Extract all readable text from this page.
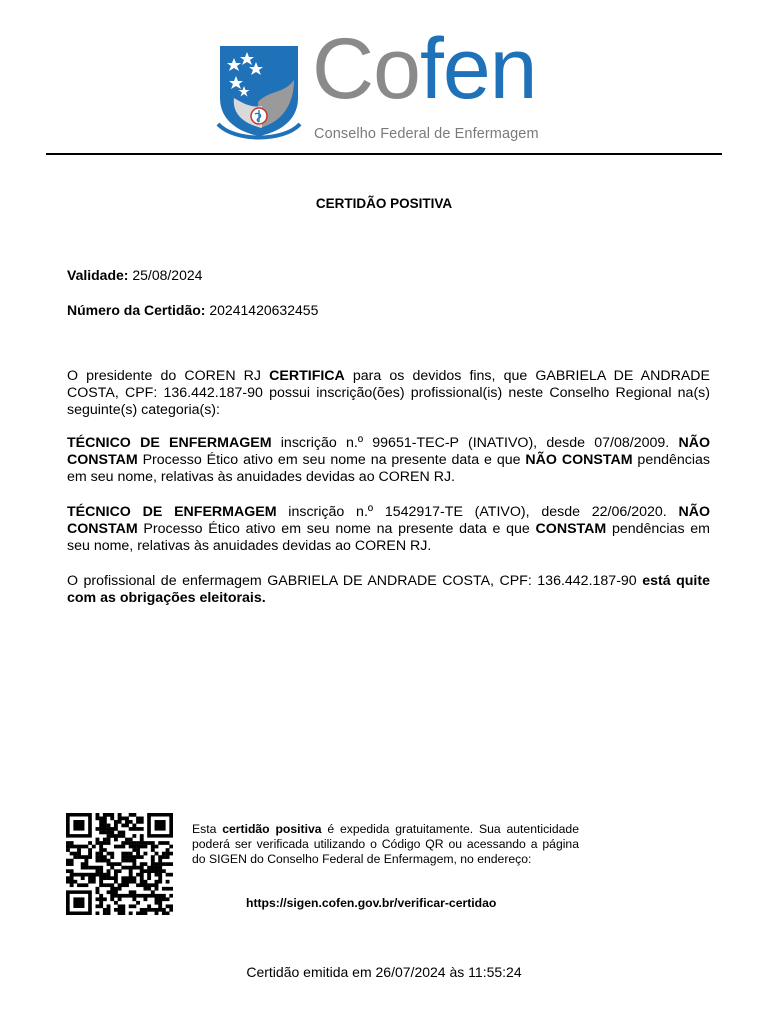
Cofen
Conselho Federal de Enfermagem
CERTIDÃO POSITIVA
Validade: 25/08/2024
Número da Certidão: 20241420632455
O presidente do COREN RJ CERTIFICA para os devidos fins, que GABRIELA DE ANDRADE COSTA, CPF: 136.442.187-90 possui inscrição(ões) profissional(is) neste Conselho Regional na(s) seguinte(s) categoria(s):
TÉCNICO DE ENFERMAGEM inscrição n.º 99651-TEC-P (INATIVO), desde 07/08/2009. NÃO CONSTAM Processo Ético ativo em seu nome na presente data e que NÃO CONSTAM pendências em seu nome, relativas às anuidades devidas ao COREN RJ.
TÉCNICO DE ENFERMAGEM inscrição n.º 1542917-TE (ATIVO), desde 22/06/2020. NÃO CONSTAM Processo Ético ativo em seu nome na presente data e que CONSTAM pendências em seu nome, relativas às anuidades devidas ao COREN RJ.
O profissional de enfermagem GABRIELA DE ANDRADE COSTA, CPF: 136.442.187-90 está quite com as obrigações eleitorais.
Esta certidão positiva é expedida gratuitamente. Sua autenticidade poderá ser verificada utilizando o Código QR ou acessando a página do SIGEN do Conselho Federal de Enfermagem, no endereço:
https://sigen.cofen.gov.br/verificar-certidao
Certidão emitida em 26/07/2024 às 11:55:24
